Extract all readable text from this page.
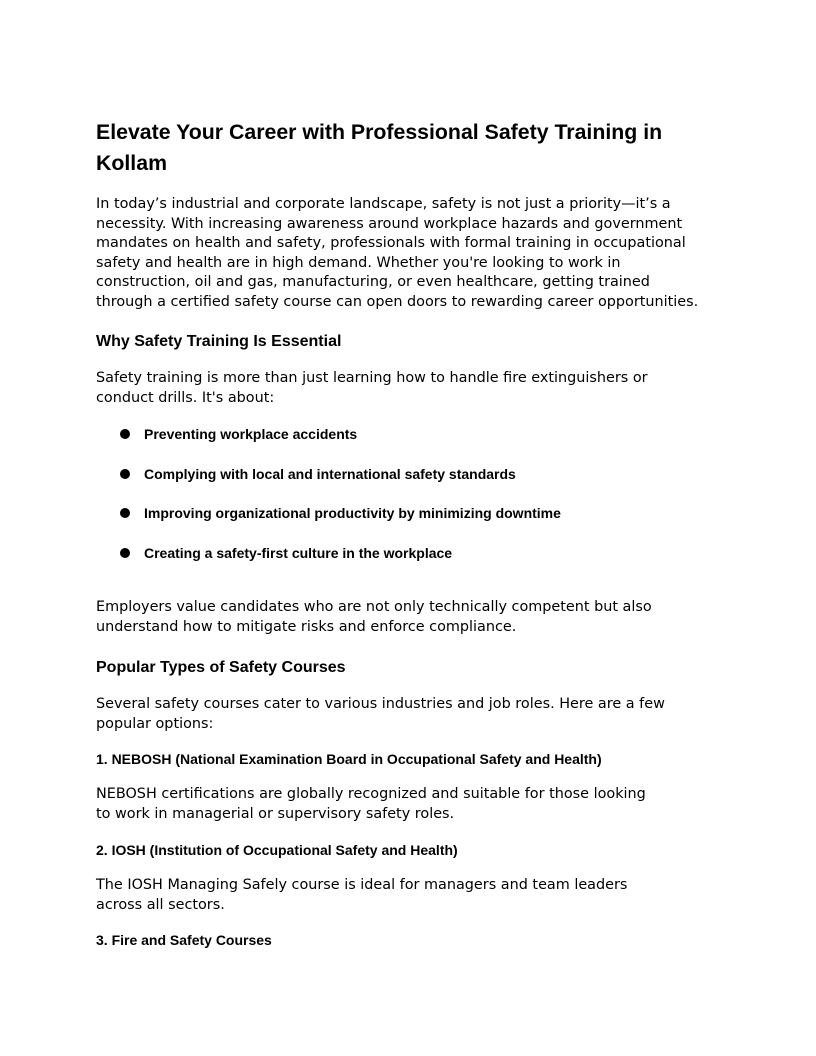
Elevate Your Career with Professional Safety Training in Kollam

In today’s industrial and corporate landscape, safety is not just a priority—it’s a
necessity. With increasing awareness around workplace hazards and government
mandates on health and safety, professionals with formal training in occupational
safety and health are in high demand. Whether you're looking to work in
construction, oil and gas, manufacturing, or even healthcare, getting trained
through a certified safety course can open doors to rewarding career opportunities.

Why Safety Training Is Essential

Safety training is more than just learning how to handle fire extinguishers or
conduct drills. It's about:

Preventing workplace accidents
Complying with local and international safety standards
Improving organizational productivity by minimizing downtime
Creating a safety-first culture in the workplace

Employers value candidates who are not only technically competent but also
understand how to mitigate risks and enforce compliance.

Popular Types of Safety Courses

Several safety courses cater to various industries and job roles. Here are a few
popular options:

1. NEBOSH (National Examination Board in Occupational Safety and Health)

NEBOSH certifications are globally recognized and suitable for those looking
to work in managerial or supervisory safety roles.

2. IOSH (Institution of Occupational Safety and Health)

The IOSH Managing Safely course is ideal for managers and team leaders
across all sectors.

3. Fire and Safety Courses
